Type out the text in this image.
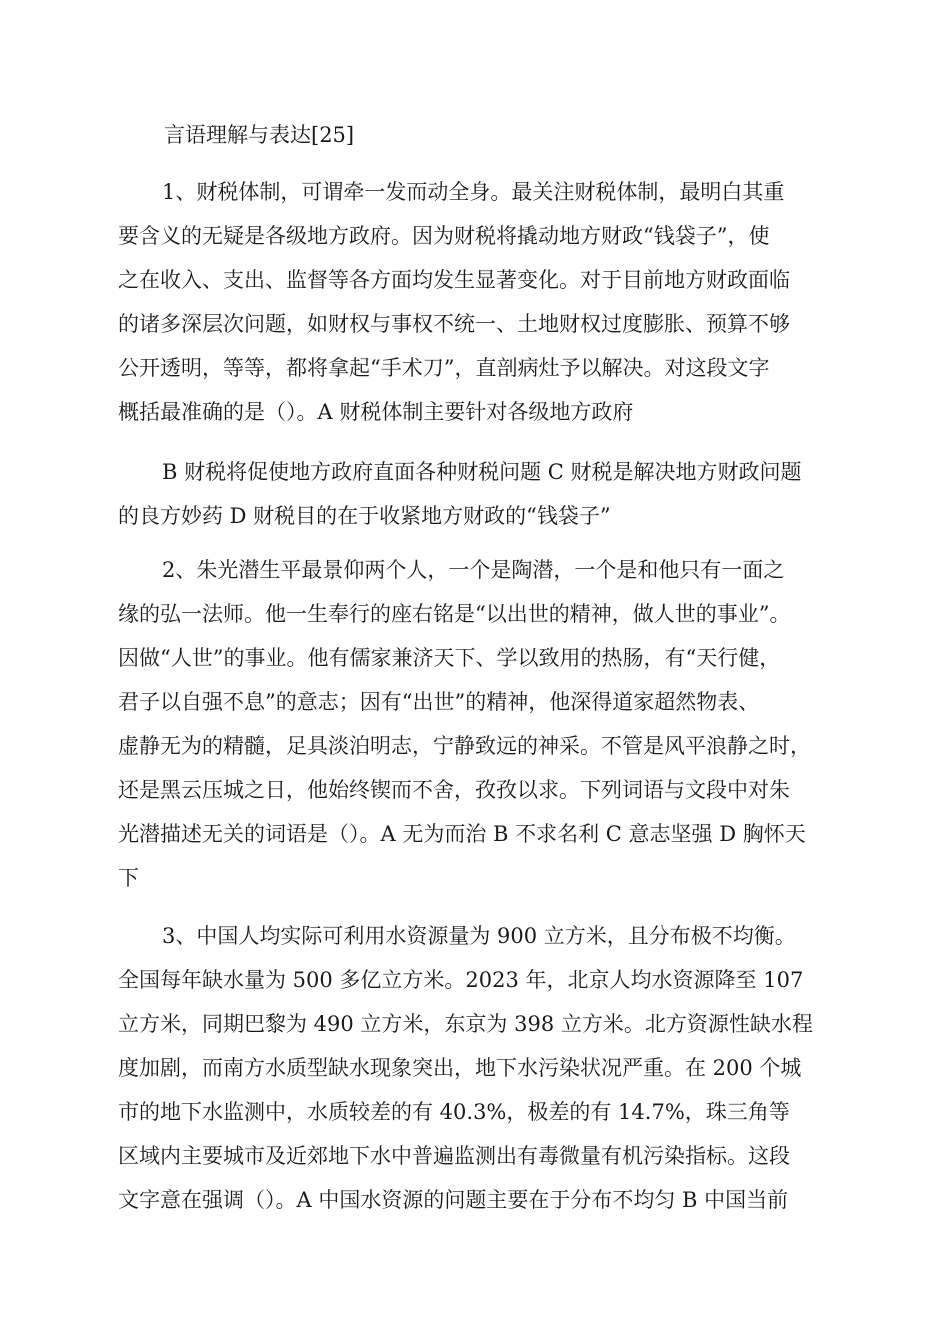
言语理解与表达[25]
1、财税体制，可谓牵一发而动全身。最关注财税体制，最明白其重
要含义的无疑是各级地方政府。因为财税将撬动地方财政“钱袋子”，使
之在收入、支出、监督等各方面均发生显著变化。对于目前地方财政面临
的诸多深层次问题，如财权与事权不统一、土地财权过度膨胀、预算不够
公开透明，等等，都将拿起“手术刀”，直剖病灶予以解决。对这段文字
概括最准确的是（）。A 财税体制主要针对各级地方政府
B 财税将促使地方政府直面各种财税问题 C 财税是解决地方财政问题
的良方妙药 D 财税目的在于收紧地方财政的“钱袋子”
2、朱光潜生平最景仰两个人，一个是陶潜，一个是和他只有一面之
缘的弘一法师。他一生奉行的座右铭是“以出世的精神，做人世的事业”。
因做“人世”的事业。他有儒家兼济天下、学以致用的热肠，有“天行健，
君子以自强不息”的意志；因有“出世”的精神，他深得道家超然物表、
虚静无为的精髓，足具淡泊明志，宁静致远的神采。不管是风平浪静之时，
还是黑云压城之日，他始终锲而不舍，孜孜以求。下列词语与文段中对朱
光潜描述无关的词语是（）。A 无为而治 B 不求名利 C 意志坚强 D 胸怀天
下
3、中国人均实际可利用水资源量为 900 立方米，且分布极不均衡。
全国每年缺水量为 500 多亿立方米。2023 年，北京人均水资源降至 107
立方米，同期巴黎为 490 立方米，东京为 398 立方米。北方资源性缺水程
度加剧，而南方水质型缺水现象突出，地下水污染状况严重。在 200 个城
市的地下水监测中，水质较差的有 40.3%，极差的有 14.7%，珠三角等
区域内主要城市及近郊地下水中普遍监测出有毒微量有机污染指标。这段
文字意在强调（）。A 中国水资源的问题主要在于分布不均匀 B 中国当前
